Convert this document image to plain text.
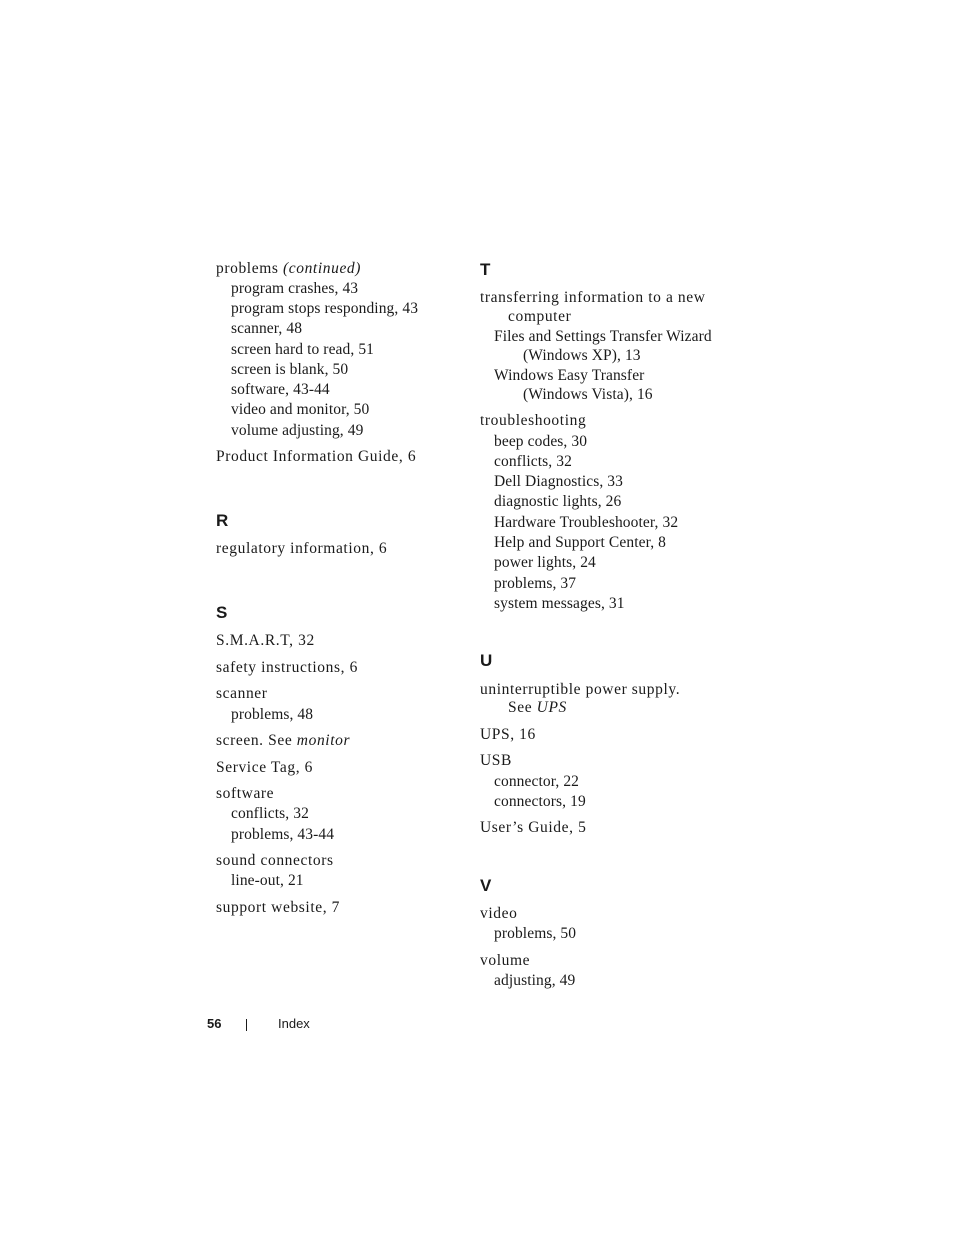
problems (continued)
program crashes, 43
program stops responding, 43
scanner, 48
screen hard to read, 51
screen is blank, 50
software, 43-44
video and monitor, 50
volume adjusting, 49
Product Information Guide, 6
R
regulatory information, 6
S
S.M.A.R.T, 32
safety instructions, 6
scanner
problems, 48
screen. See monitor
Service Tag, 6
software
conflicts, 32
problems, 43-44
sound connectors
line-out, 21
support website, 7
T
transferring information to a new
computer
Files and Settings Transfer Wizard
(Windows XP), 13
Windows Easy Transfer
(Windows Vista), 16
troubleshooting
beep codes, 30
conflicts, 32
Dell Diagnostics, 33
diagnostic lights, 26
Hardware Troubleshooter, 32
Help and Support Center, 8
power lights, 24
problems, 37
system messages, 31
U
uninterruptible power supply.
See UPS
UPS, 16
USB
connector, 22
connectors, 19
User’s Guide, 5
V
video
problems, 50
volume
adjusting, 49
56	Index
